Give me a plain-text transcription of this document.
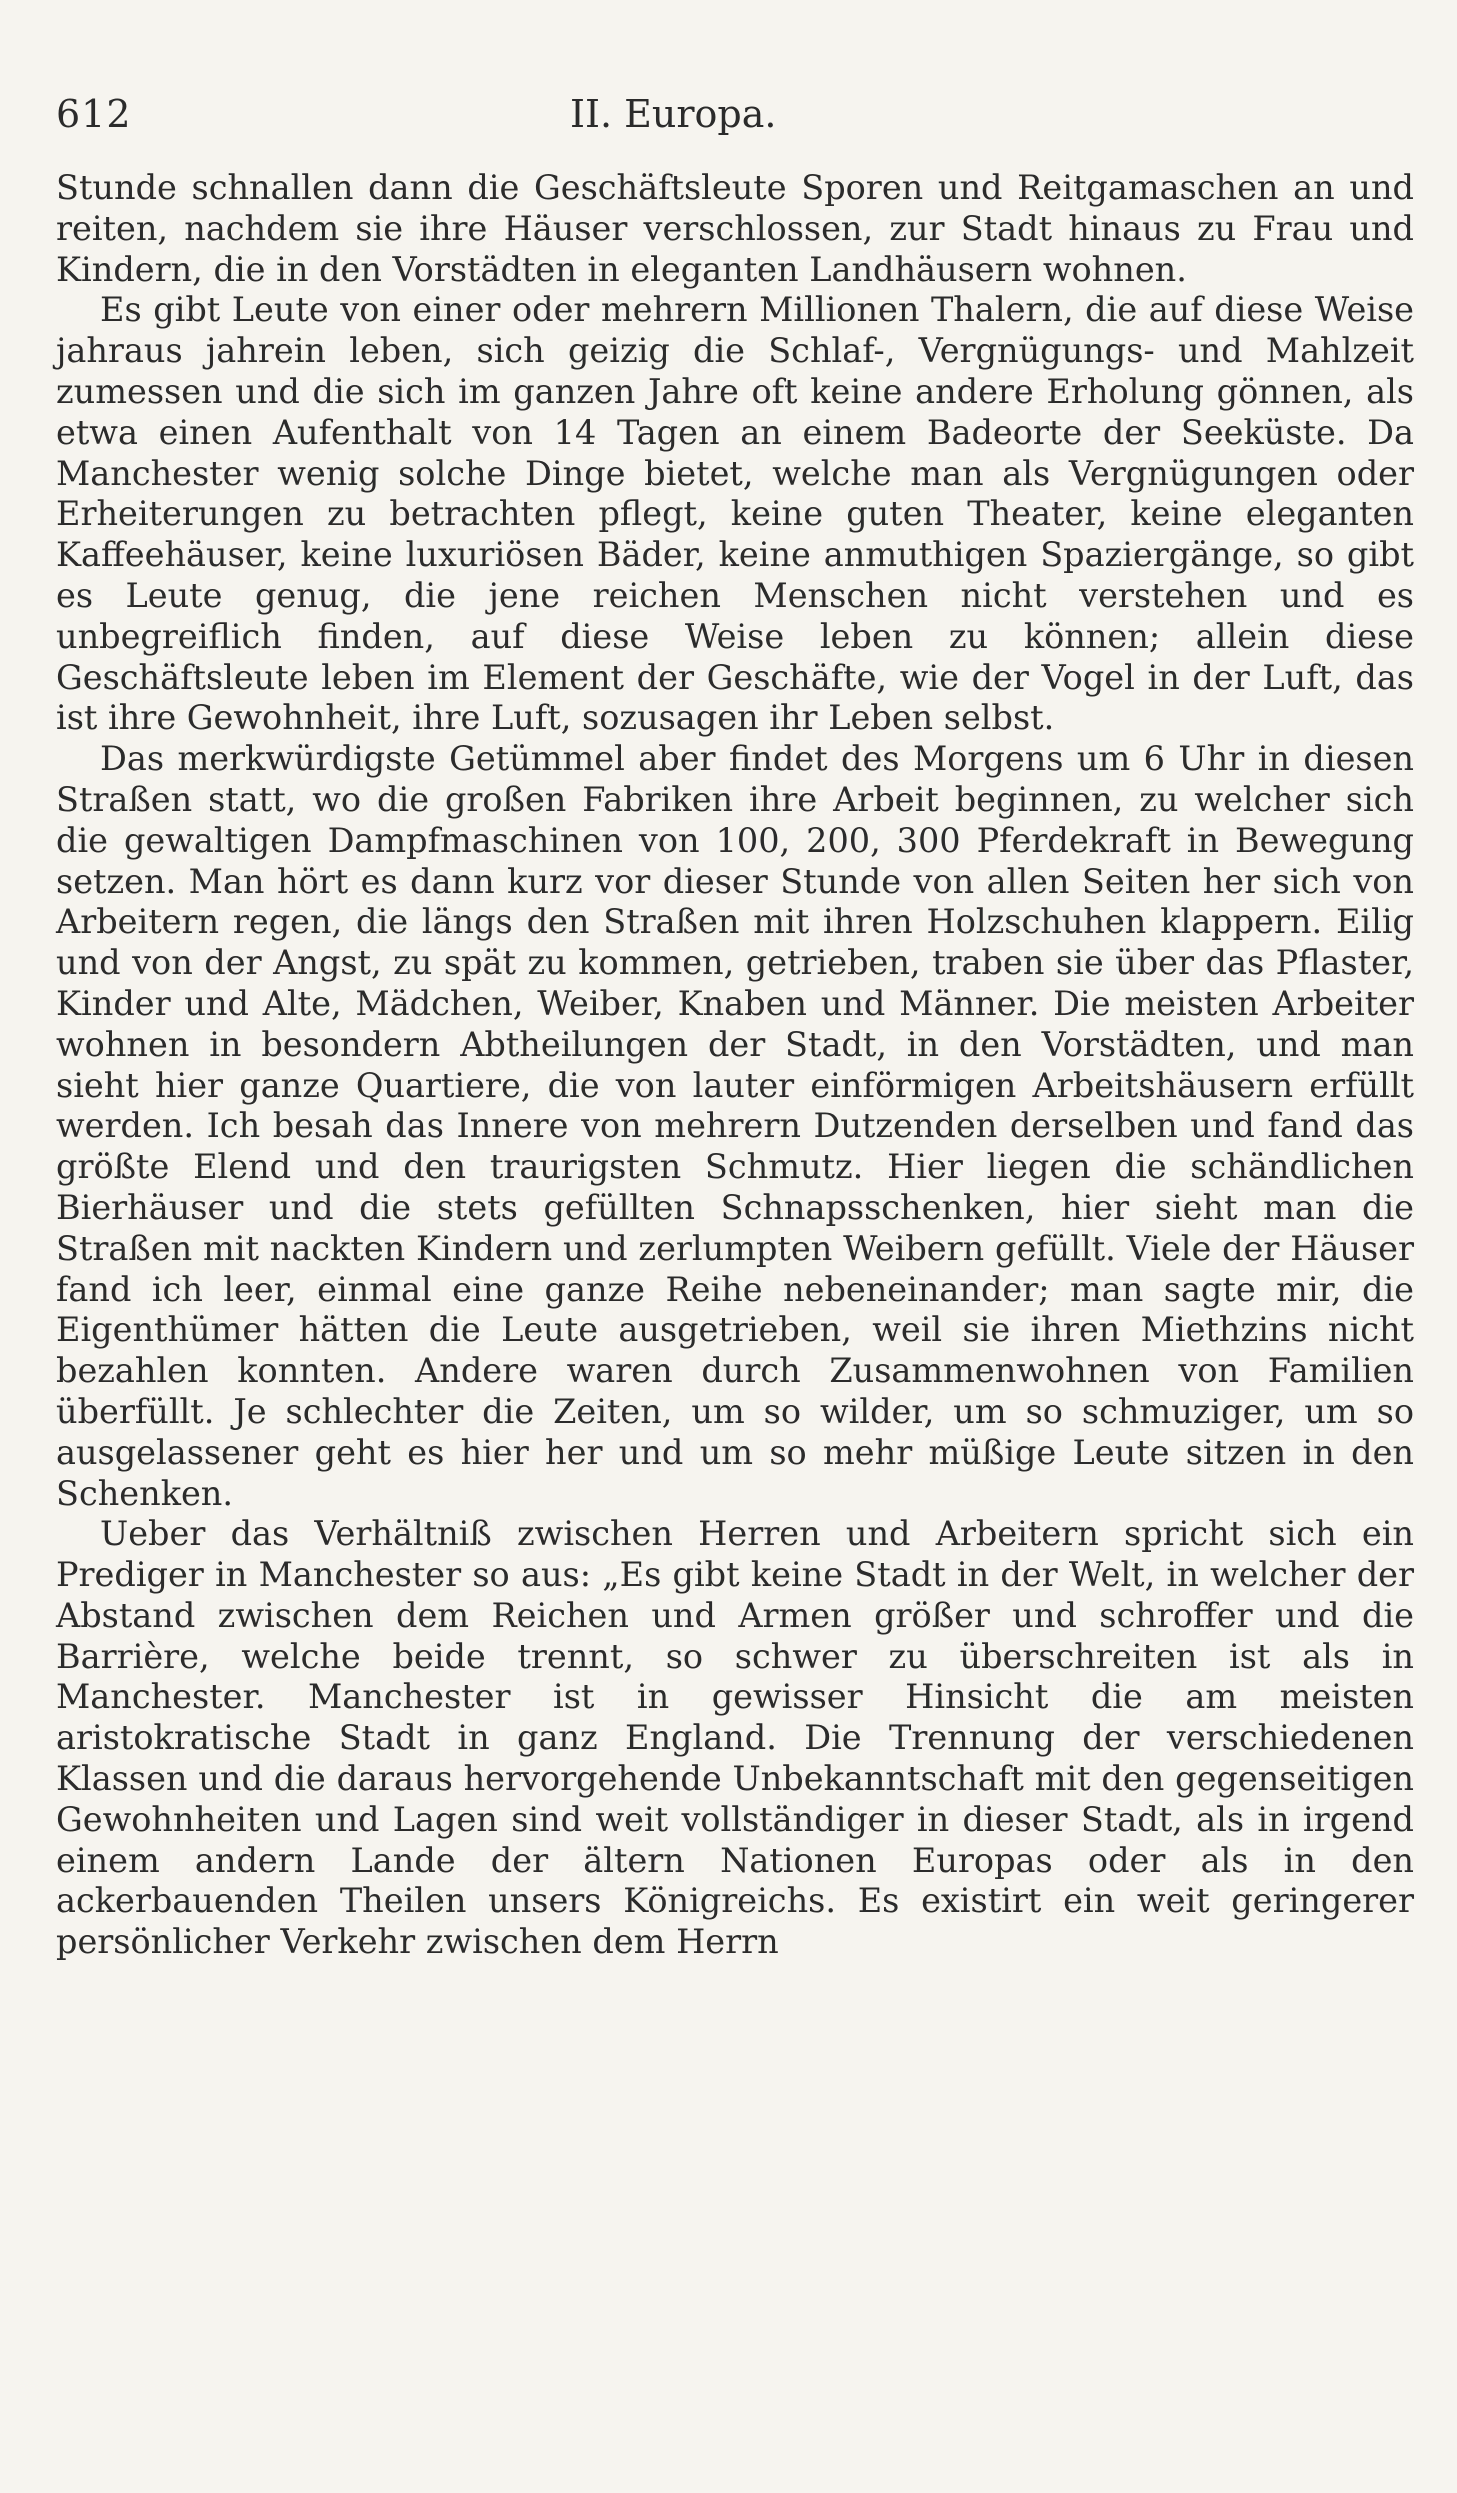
612	II. Europa.

Stunde schnallen dann die Geschäftsleute Sporen und Reitgamaschen an und reiten, nachdem sie ihre Häuser verschlossen, zur Stadt hinaus zu Frau und Kindern, die in den Vorstädten in eleganten Landhäusern wohnen.

Es gibt Leute von einer oder mehrern Millionen Thalern, die auf diese Weise jahraus jahrein leben, sich geizig die Schlaf-, Vergnügungs- und Mahlzeit zumessen und die sich im ganzen Jahre oft keine andere Erholung gönnen, als etwa einen Aufenthalt von 14 Tagen an einem Badeorte der Seeküste. Da Manchester wenig solche Dinge bietet, welche man als Vergnügungen oder Erheiterungen zu betrachten pflegt, keine guten Theater, keine eleganten Kaffeehäuser, keine luxuriösen Bäder, keine anmuthigen Spaziergänge, so gibt es Leute genug, die jene reichen Menschen nicht verstehen und es unbegreiflich finden, auf diese Weise leben zu können; allein diese Geschäftsleute leben im Element der Geschäfte, wie der Vogel in der Luft, das ist ihre Gewohnheit, ihre Luft, sozusagen ihr Leben selbst.

Das merkwürdigste Getümmel aber findet des Morgens um 6 Uhr in diesen Straßen statt, wo die großen Fabriken ihre Arbeit beginnen, zu welcher sich die gewaltigen Dampfmaschinen von 100, 200, 300 Pferdekraft in Bewegung setzen. Man hört es dann kurz vor dieser Stunde von allen Seiten her sich von Arbeitern regen, die längs den Straßen mit ihren Holzschuhen klappern. Eilig und von der Angst, zu spät zu kommen, getrieben, traben sie über das Pflaster, Kinder und Alte, Mädchen, Weiber, Knaben und Männer. Die meisten Arbeiter wohnen in besondern Abtheilungen der Stadt, in den Vorstädten, und man sieht hier ganze Quartiere, die von lauter einförmigen Arbeitshäusern erfüllt werden. Ich besah das Innere von mehrern Dutzenden derselben und fand das größte Elend und den traurigsten Schmutz. Hier liegen die schändlichen Bierhäuser und die stets gefüllten Schnapsschenken, hier sieht man die Straßen mit nackten Kindern und zerlumpten Weibern gefüllt. Viele der Häuser fand ich leer, einmal eine ganze Reihe nebeneinander; man sagte mir, die Eigenthümer hätten die Leute ausgetrieben, weil sie ihren Miethzins nicht bezahlen konnten. Andere waren durch Zusammenwohnen von Familien überfüllt. Je schlechter die Zeiten, um so wilder, um so schmuziger, um so ausgelassener geht es hier her und um so mehr müßige Leute sitzen in den Schenken.

Ueber das Verhältniß zwischen Herren und Arbeitern spricht sich ein Prediger in Manchester so aus: „Es gibt keine Stadt in der Welt, in welcher der Abstand zwischen dem Reichen und Armen größer und schroffer und die Barrière, welche beide trennt, so schwer zu überschreiten ist als in Manchester. Manchester ist in gewisser Hinsicht die am meisten aristokratische Stadt in ganz England. Die Trennung der verschiedenen Klassen und die daraus hervorgehende Unbekanntschaft mit den gegenseitigen Gewohnheiten und Lagen sind weit vollständiger in dieser Stadt, als in irgend einem andern Lande der ältern Nationen Europas oder als in den ackerbauenden Theilen unsers Königreichs. Es existirt ein weit geringerer persönlicher Verkehr zwischen dem Herrn
